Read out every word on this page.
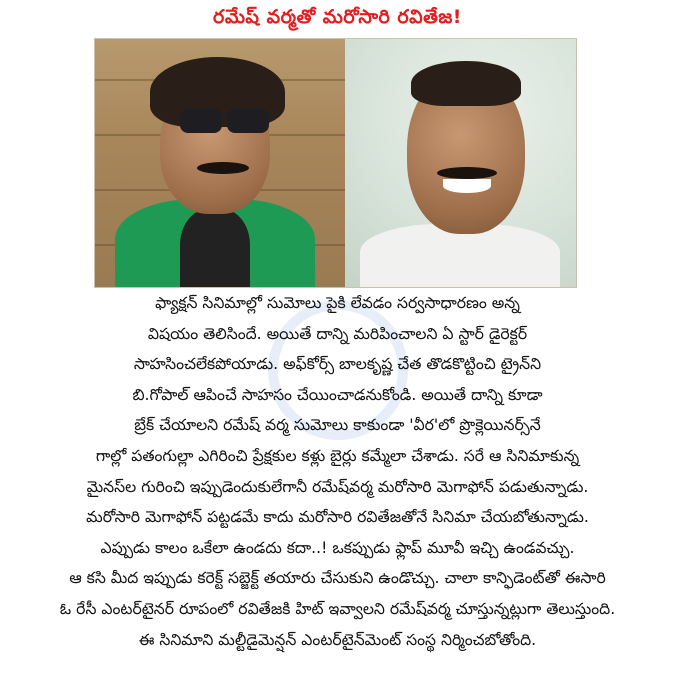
రమేష్ వర్మతో మరోసారి రవితేజ!
ఫ్యాక్షన్ సినిమాల్లో సుమోలు పైకి లేవడం సర్వసాధారణం అన్న
విషయం తెలిసిందే. అయితే దాన్ని మరిపించాలని ఏ స్టార్ డైరెక్టర్
సాహసించలేకపోయాడు. అఫ్‌కోర్స్ బాలకృష్ణ చేత తొడకొట్టించి ట్రైన్‌ని
బి.గోపాల్ ఆపించే సాహసం చేయించాడనుకోండి. అయితే దాన్ని కూడా
బ్రేక్ చేయాలని రమేష్ వర్మ సుమోలు కాకుండా 'వీర'లో ప్రొక్లెయినర్స్‌నే
గాల్లో పతంగుల్లా ఎగిరించి ప్రేక్షకుల కళ్లు బైర్లు కమ్మేలా చేశాడు. సరే ఆ సినిమాకున్న
మైనస్‌ల గురించి ఇప్పుడెందుకులేగానీ రమేష్‌వర్మ మరోసారి మెగాఫోన్ పడుతున్నాడు.
మరోసారి మెగాఫోన్ పట్టడమే కాదు మరోసారి రవితేజతోనే సినిమా చేయబోతున్నాడు.
ఎప్పుడు కాలం ఒకేలా ఉండదు కదా..! ఒకప్పుడు ఫ్లాప్ మూవీ ఇచ్చి ఉండవచ్చు.
ఆ కసి మీద ఇప్పుడు కరెక్ట్ సబ్జెక్ట్ తయారు చేసుకుని ఉండొచ్చు. చాలా కాన్ఫిడెంట్‌తో ఈసారి
ఓ రేసీ ఎంటర్‌టైనర్ రూపంలో రవితేజకి హిట్ ఇవ్వాలని రమేష్‌వర్మ చూస్తున్నట్లుగా తెలుస్తుంది.
ఈ సినిమాని మల్టీడైమెన్షన్ ఎంటర్‌టైన్‌మెంట్ సంస్థ నిర్మించబోతోంది.
